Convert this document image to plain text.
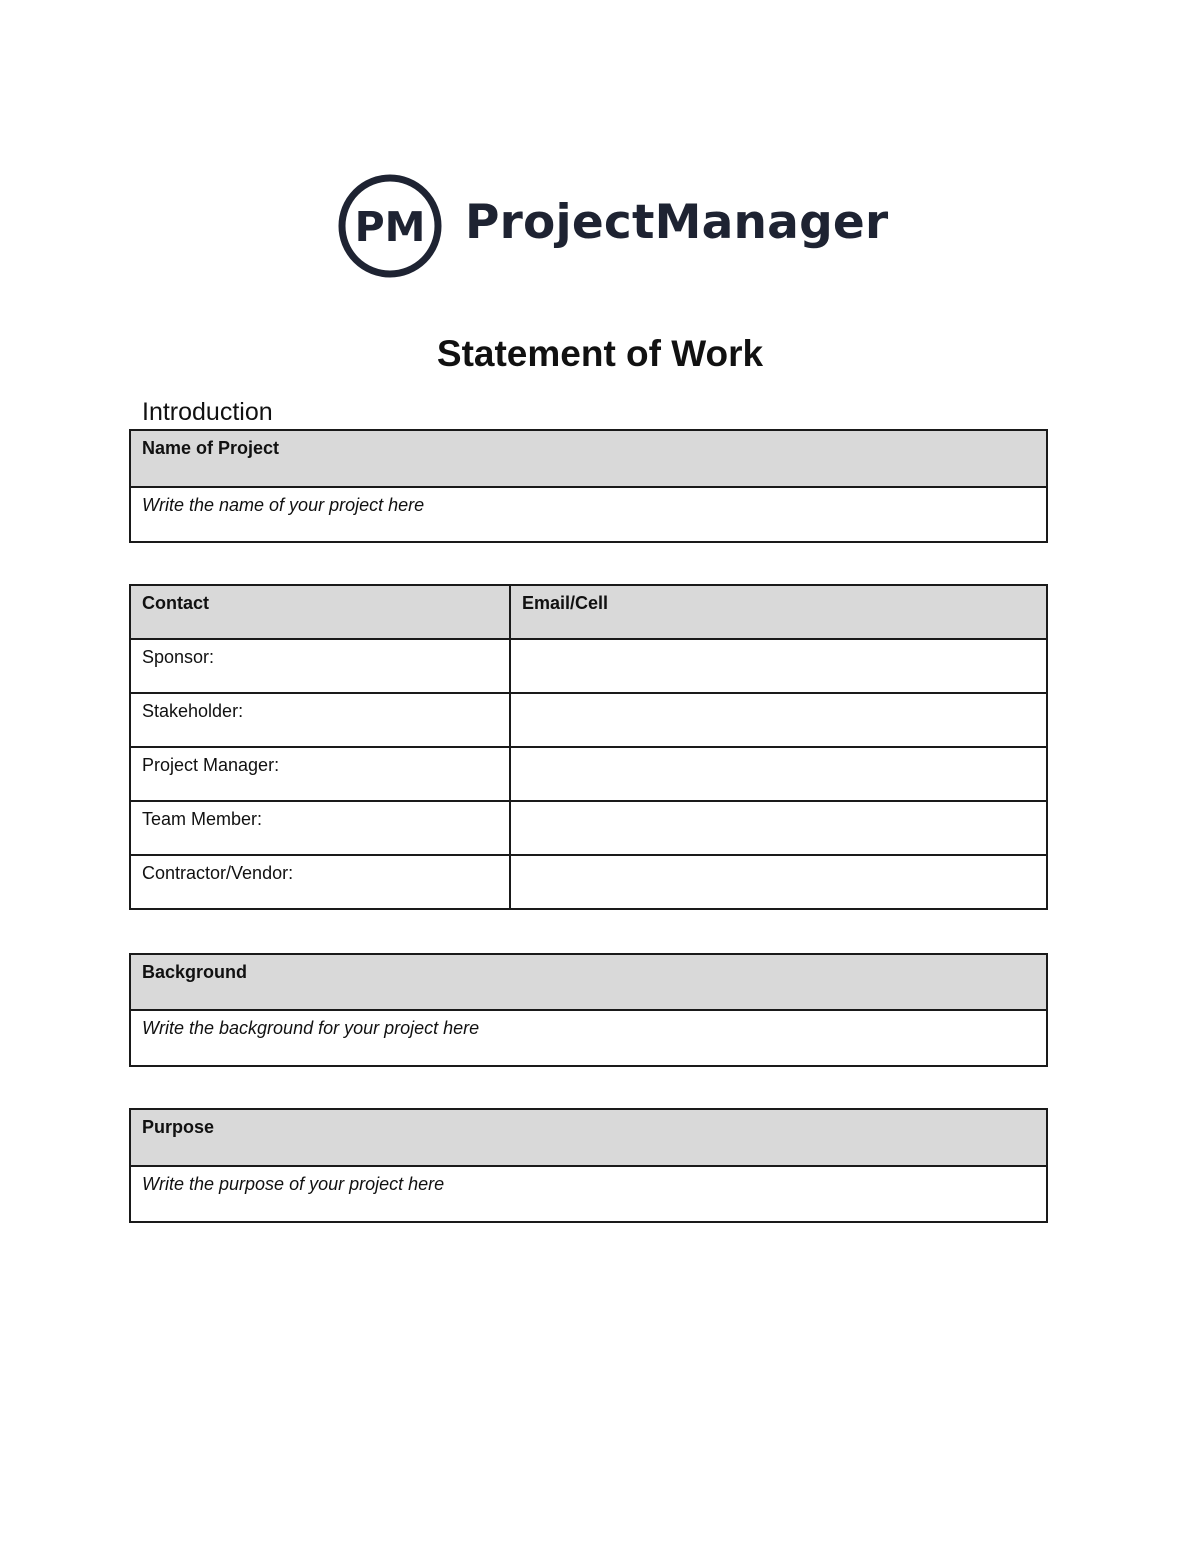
PM ProjectManager
Statement of Work
Introduction
Name of Project
Write the name of your project here
Contact	Email/Cell
Sponsor:	
Stakeholder:	
Project Manager:	
Team Member:	
Contractor/Vendor:	
Background
Write the background for your project here
Purpose
Write the purpose of your project here
